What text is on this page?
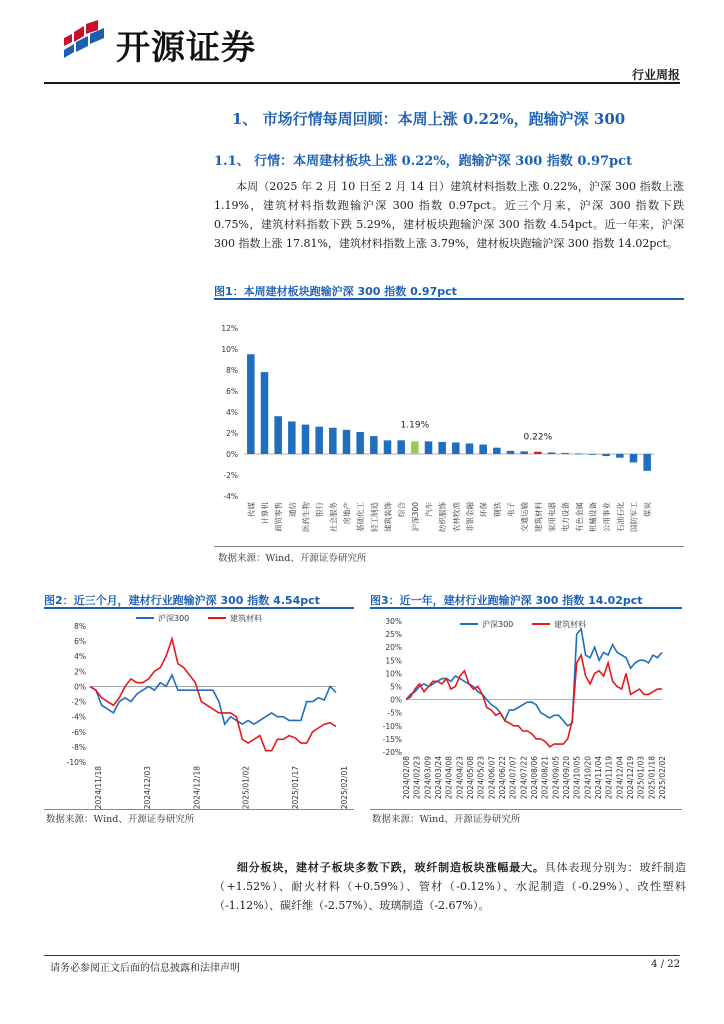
开源证券
行业周报
1、 市场行情每周回顾：本周上涨 0.22%，跑输沪深 300
1.1、 行情：本周建材板块上涨 0.22%，跑输沪深 300 指数 0.97pct
本周（2025 年 2 月 10 日至 2 月 14 日）建筑材料指数上涨 0.22%，沪深 300 指数上涨 1.19%，建筑材料指数跑输沪深 300 指数 0.97pct。近三个月来，沪深 300 指数下跌 0.75%，建筑材料指数下跌 5.29%，建材板块跑输沪深 300 指数 4.54pct。近一年来，沪深 300 指数上涨 17.81%，建筑材料指数上涨 3.79%，建材板块跑输沪深 300 指数 14.02pct。
图1：本周建材板块跑输沪深 300 指数 0.97pct
12%
10%
8%
6%
4%
2%
0%
-2%
-4%
传媒 计算机 商贸零售 通信 医药生物 银行 社会服务 房地产 基础化工 轻工制造 建筑装饰 综合 沪深300
1.19%
汽车 纺织服饰 农林牧渔 非银金融 环保 钢铁 电子 交通运输 建筑材料
0.22%
家用电器 电力设备 有色金属 机械设备 公用事业 石油石化 国防军工 煤炭
数据来源：Wind、开源证券研究所
图2：近三个月，建材行业跑输沪深 300 指数 4.54pct
8%
6%
4%
2%
0%
-2%
-4%
-6%
-8%
-10%
沪深300	建筑材料
2024/11/18	2024/12/03	2024/12/18	2025/01/02	2025/01/17	2025/02/01
数据来源：Wind、开源证券研究所
图3：近一年，建材行业跑输沪深 300 指数 14.02pct
30%
25%
20%
15%
10%
5%
0%
-5%
-10%
-15%
-20%
沪深300	建筑材料
2024/02/08 2024/02/23 2024/03/09 2024/03/24 2024/04/08 2024/04/23 2024/05/08 2024/05/23 2024/06/07 2024/06/22 2024/07/07 2024/07/22 2024/08/06 2024/08/21 2024/09/05 2024/09/20 2024/10/05 2024/10/20 2024/11/04 2024/11/19 2024/12/04 2024/12/19 2025/01/03 2025/01/18 2025/02/02
数据来源：Wind、开源证券研究所
细分板块，建材子板块多数下跌，玻纤制造板块涨幅最大。具体表现分别为：玻纤制造（+1.52%）、耐火材料（+0.59%）、管材（-0.12%）、水泥制造（-0.29%）、改性塑料（-1.12%）、碳纤维（-2.57%）、玻璃制造（-2.67%）。
请务必参阅正文后面的信息披露和法律声明	4 / 22
